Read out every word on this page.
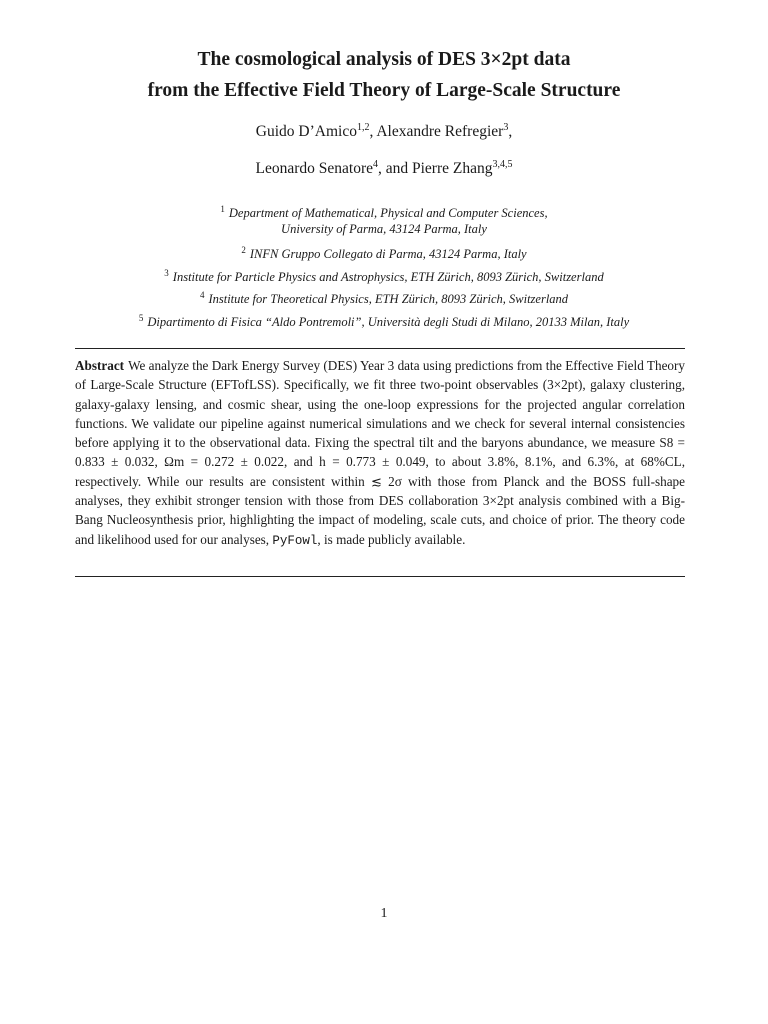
The cosmological analysis of DES 3×2pt data
from the Effective Field Theory of Large-Scale Structure
Guido D’Amico$^{1,2}$, Alexandre Refregier$^3$,
Leonardo Senatore$^4$, and Pierre Zhang$^{3,4,5}$
$^1$ Department of Mathematical, Physical and Computer Sciences,
University of Parma, 43124 Parma, Italy
$^2$ INFN Gruppo Collegato di Parma, 43124 Parma, Italy
$^3$ Institute for Particle Physics and Astrophysics, ETH Zürich, 8093 Zürich, Switzerland
$^4$ Institute for Theoretical Physics, ETH Zürich, 8093 Zürich, Switzerland
$^5$ Dipartimento di Fisica “Aldo Pontremoli”, Università degli Studi di Milano, 20133 Milan, Italy
Abstract We analyze the Dark Energy Survey (DES) Year 3 data using predictions from the Effective Field Theory of Large-Scale Structure (EFTofLSS). Specifically, we fit three two-point observables (3×2pt), galaxy clustering, galaxy-galaxy lensing, and cosmic shear, using the one-loop expressions for the projected angular correlation functions. We validate our pipeline against numerical simulations and we check for several internal consistencies before applying it to the observational data. Fixing the spectral tilt and the baryons abundance, we measure S8 = 0.833 ± 0.032, Ωm = 0.272 ± 0.022, and h = 0.773 ± 0.049, to about 3.8%, 8.1%, and 6.3%, at 68%CL, respectively. While our results are consistent within ≲ 2σ with those from Planck and the BOSS full-shape analyses, they exhibit stronger tension with those from DES collaboration 3×2pt analysis combined with a Big-Bang Nucleosynthesis prior, highlighting the impact of modeling, scale cuts, and choice of prior. The theory code and likelihood used for our analyses, PyFowl, is made publicly available.
1
